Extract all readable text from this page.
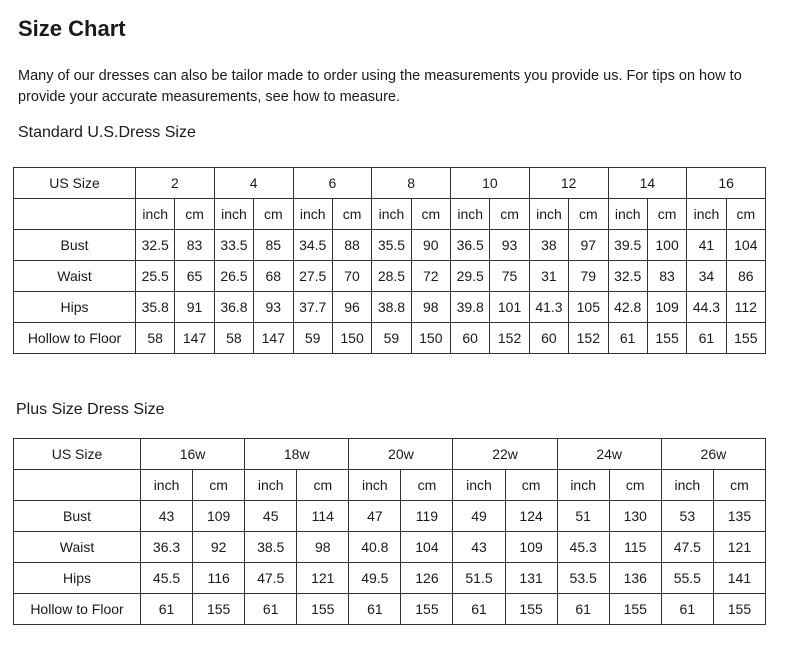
Size Chart

Many of our dresses can also be tailor made to order using the measurements you provide us. For tips on how to provide your accurate measurements, see how to measure.

Standard U.S.Dress Size
US Size	2		4		6		8		10		12		14		16	
	inch	cm	inch	cm	inch	cm	inch	cm	inch	cm	inch	cm	inch	cm	inch	cm
Bust	32.5	83	33.5	85	34.5	88	35.5	90	36.5	93	38	97	39.5	100	41	104
Waist	25.5	65	26.5	68	27.5	70	28.5	72	29.5	75	31	79	32.5	83	34	86
Hips	35.8	91	36.8	93	37.7	96	38.8	98	39.8	101	41.3	105	42.8	109	44.3	112
Hollow to Floor	58	147	58	147	59	150	59	150	60	152	60	152	61	155	61	155
Plus Size Dress Size
US Size	16w		18w		20w		22w		24w		26w	
	inch	cm	inch	cm	inch	cm	inch	cm	inch	cm	inch	cm
Bust	43	109	45	114	47	119	49	124	51	130	53	135
Waist	36.3	92	38.5	98	40.8	104	43	109	45.3	115	47.5	121
Hips	45.5	116	47.5	121	49.5	126	51.5	131	53.5	136	55.5	141
Hollow to Floor	61	155	61	155	61	155	61	155	61	155	61	155
